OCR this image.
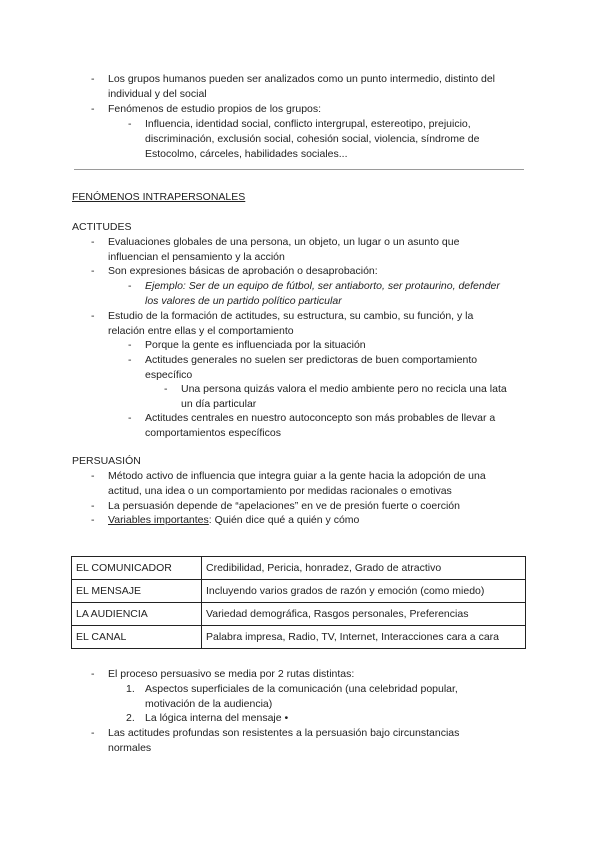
- Los grupos humanos pueden ser analizados como un punto intermedio, distinto del
individual y del social
- Fenómenos de estudio propios de los grupos:
- Influencia, identidad social, conflicto intergrupal, estereotipo, prejuicio,
discriminación, exclusión social, cohesión social, violencia, síndrome de
Estocolmo, cárceles, habilidades sociales...
FENÓMENOS INTRAPERSONALES
ACTITUDES
- Evaluaciones globales de una persona, un objeto, un lugar o un asunto que
influencian el pensamiento y la acción
- Son expresiones básicas de aprobación o desaprobación:
- Ejemplo: Ser de un equipo de fútbol, ser antiaborto, ser protaurino, defender
los valores de un partido político particular
- Estudio de la formación de actitudes, su estructura, su cambio, su función, y la
relación entre ellas y el comportamiento
- Porque la gente es influenciada por la situación
- Actitudes generales no suelen ser predictoras de buen comportamiento
específico
- Una persona quizás valora el medio ambiente pero no recicla una lata
un día particular
- Actitudes centrales en nuestro autoconcepto son más probables de llevar a
comportamientos específicos
PERSUASIÓN
- Método activo de influencia que integra guiar a la gente hacia la adopción de una
actitud, una idea o un comportamiento por medidas racionales o emotivas
- La persuasión depende de “apelaciones” en ve de presión fuerte o coerción
- Variables importantes: Quién dice qué a quién y cómo
EL COMUNICADOR	Credibilidad, Pericia, honradez, Grado de atractivo
EL MENSAJE	Incluyendo varios grados de razón y emoción (como miedo)
LA AUDIENCIA	Variedad demográfica, Rasgos personales, Preferencias
EL CANAL	Palabra impresa, Radio, TV, Internet, Interacciones cara a cara
- El proceso persuasivo se media por 2 rutas distintas:
1. Aspectos superficiales de la comunicación (una celebridad popular,
motivación de la audiencia)
2. La lógica interna del mensaje •
- Las actitudes profundas son resistentes a la persuasión bajo circunstancias
normales
